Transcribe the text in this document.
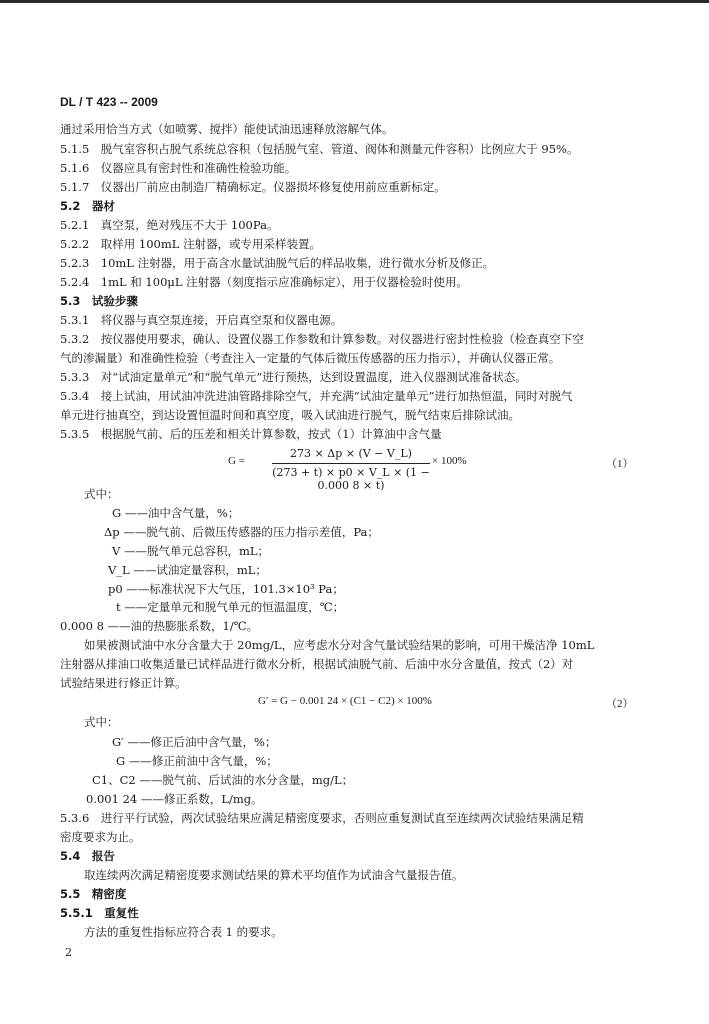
DL / T 423 -- 2009
通过采用恰当方式（如喷雾、搅拌）能使试油迅速释放溶解气体。
5.1.5　脱气室容积占脱气系统总容积（包括脱气室、管道、阀体和测量元件容积）比例应大于 95%。
5.1.6　仪器应具有密封性和准确性检验功能。
5.1.7　仪器出厂前应由制造厂精确标定。仪器损坏修复使用前应重新标定。
5.2　器材
5.2.1　真空泵，绝对残压不大于 100Pa。
5.2.2　取样用 100mL 注射器，或专用采样装置。
5.2.3　10mL 注射器，用于高含水量试油脱气后的样品收集，进行微水分析及修正。
5.2.4　1mL 和 100μL 注射器（刻度指示应准确标定），用于仪器检验时使用。
5.3　试验步骤
5.3.1　将仪器与真空泵连接，开启真空泵和仪器电源。
5.3.2　按仪器使用要求，确认、设置仪器工作参数和计算参数。对仪器进行密封性检验（检查真空下空
气的渗漏量）和准确性检验（考查注入一定量的气体后微压传感器的压力指示），并确认仪器正常。
5.3.3　对“试油定量单元”和“脱气单元”进行预热，达到设置温度，进入仪器测试准备状态。
5.3.4　接上试油，用试油冲洗进油管路排除空气，并充满“试油定量单元”进行加热恒温，同时对脱气
单元进行抽真空，到达设置恒温时间和真空度，吸入试油进行脱气，脱气结束后排除试油。
5.3.5　根据脱气前、后的压差和相关计算参数，按式（1）计算油中含气量
G =
273 × Δp × (V − V_L)
(273 + t) × p0 × V_L × (1 − 0.000 8 × t)
× 100%	（1）
式中：
G ——油中含气量，%；
Δp ——脱气前、后微压传感器的压力指示差值，Pa；
V ——脱气单元总容积，mL；
V_L ——试油定量容积，mL；
p0 ——标准状况下大气压，101.3×10³ Pa；
t ——定量单元和脱气单元的恒温温度，℃；
0.000 8 ——油的热膨胀系数，1/℃。
如果被测试油中水分含量大于 20mg/L，应考虑水分对含气量试验结果的影响，可用干燥洁净 10mL
注射器从排油口收集适量已试样品进行微水分析，根据试油脱气前、后油中水分含量值，按式（2）对
试验结果进行修正计算。
G′ = G − 0.001 24 × (C1 − C2) × 100%	（2）
式中：
G′ ——修正后油中含气量，%；
G ——修正前油中含气量，%；
C1、C2 ——脱气前、后试油的水分含量，mg/L；
0.001 24 ——修正系数，L/mg。
5.3.6　进行平行试验，两次试验结果应满足精密度要求，否则应重复测试直至连续两次试验结果满足精
密度要求为止。
5.4　报告
取连续两次满足精密度要求测试结果的算术平均值作为试油含气量报告值。
5.5　精密度
5.5.1　重复性
方法的重复性指标应符合表 1 的要求。
2
